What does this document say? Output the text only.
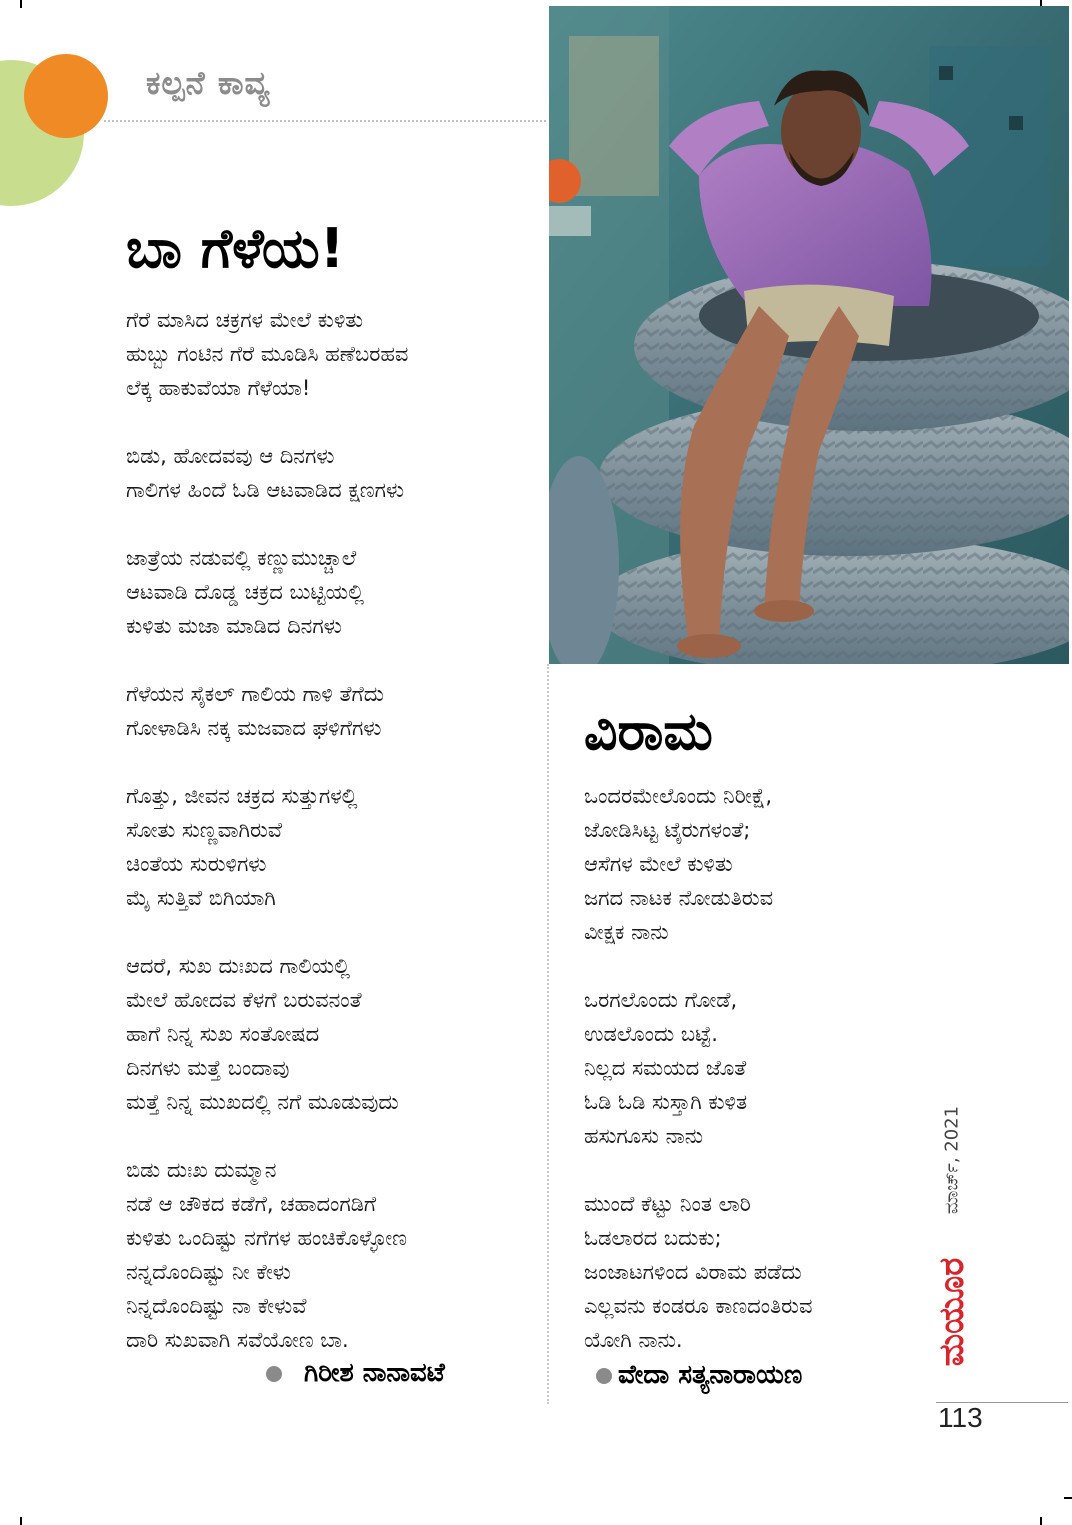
ಕಲ್ಪನೆ ಕಾವ್ಯ
ಬಾ ಗೆಳೆಯ!
ಗೆರೆ ಮಾಸಿದ ಚಕ್ರಗಳ ಮೇಲೆ ಕುಳಿತು
ಹುಬ್ಬು ಗಂಟಿನ ಗೆರೆ ಮೂಡಿಸಿ ಹಣೆಬರಹವ
ಲೆಕ್ಕ ಹಾಕುವೆಯಾ ಗೆಳೆಯಾ!
ಬಿಡು, ಹೋದವವು ಆ ದಿನಗಳು
ಗಾಲಿಗಳ ಹಿಂದೆ ಓಡಿ ಆಟವಾಡಿದ ಕ್ಷಣಗಳು
ಜಾತ್ರೆಯ ನಡುವಲ್ಲಿ ಕಣ್ಣುಮುಚ್ಚಾಲೆ
ಆಟವಾಡಿ ದೊಡ್ಡ ಚಕ್ರದ ಬುಟ್ಟಿಯಲ್ಲಿ
ಕುಳಿತು ಮಜಾ ಮಾಡಿದ ದಿನಗಳು
ಗೆಳೆಯನ ಸೈಕಲ್ ಗಾಲಿಯ ಗಾಳಿ ತೆಗೆದು
ಗೋಳಾಡಿಸಿ ನಕ್ಕ ಮಜವಾದ ಘಳಿಗೆಗಳು
ಗೊತ್ತು, ಜೀವನ ಚಕ್ರದ ಸುತ್ತುಗಳಲ್ಲಿ
ಸೋತು ಸುಣ್ಣವಾಗಿರುವೆ
ಚಿಂತೆಯ ಸುರುಳಿಗಳು
ಮೈ ಸುತ್ತಿವೆ ಬಿಗಿಯಾಗಿ
ಆದರೆ, ಸುಖ ದುಃಖದ ಗಾಲಿಯಲ್ಲಿ
ಮೇಲೆ ಹೋದವ ಕೆಳಗೆ ಬರುವನಂತೆ
ಹಾಗೆ ನಿನ್ನ ಸುಖ ಸಂತೋಷದ
ದಿನಗಳು ಮತ್ತೆ ಬಂದಾವು
ಮತ್ತೆ ನಿನ್ನ ಮುಖದಲ್ಲಿ ನಗೆ ಮೂಡುವುದು
ಬಿಡು ದುಃಖ ದುಮ್ಮಾನ
ನಡೆ ಆ ಚೌಕದ ಕಡೆಗೆ, ಚಹಾದಂಗಡಿಗೆ
ಕುಳಿತು ಒಂದಿಷ್ಟು ನಗೆಗಳ ಹಂಚಿಕೊಳ್ಳೋಣ
ನನ್ನದೊಂದಿಷ್ಟು ನೀ ಕೇಳು
ನಿನ್ನದೊಂದಿಷ್ಟು ನಾ ಕೇಳುವೆ
ದಾರಿ ಸುಖವಾಗಿ ಸವೆಯೋಣ ಬಾ.
ಗಿರೀಶ ನಾನಾವಟೆ
ವಿರಾಮ
ಒಂದರಮೇಲೊಂದು ನಿರೀಕ್ಷೆ,
ಜೋಡಿಸಿಟ್ಟ ಟೈರುಗಳಂತೆ;
ಆಸೆಗಳ ಮೇಲೆ ಕುಳಿತು
ಜಗದ ನಾಟಕ ನೋಡುತಿರುವ
ವೀಕ್ಷಕ ನಾನು
ಒರಗಲೊಂದು ಗೋಡೆ,
ಉಡಲೊಂದು ಬಟ್ಟೆ.
ನಿಲ್ಲದ ಸಮಯದ ಜೊತೆ
ಓಡಿ ಓಡಿ ಸುಸ್ತಾಗಿ ಕುಳಿತ
ಹಸುಗೂಸು ನಾನು
ಮುಂದೆ ಕೆಟ್ಟು ನಿಂತ ಲಾರಿ
ಓಡಲಾರದ ಬದುಕು;
ಜಂಜಾಟಗಳಿಂದ ವಿರಾಮ ಪಡೆದು
ಎಲ್ಲವನು ಕಂಡರೂ ಕಾಣದಂತಿರುವ
ಯೋಗಿ ನಾನು.
ವೇದಾ ಸತ್ಯನಾರಾಯಣ
ಮಾರ್ಚ್, 2021
ಮಯೂರ
113
